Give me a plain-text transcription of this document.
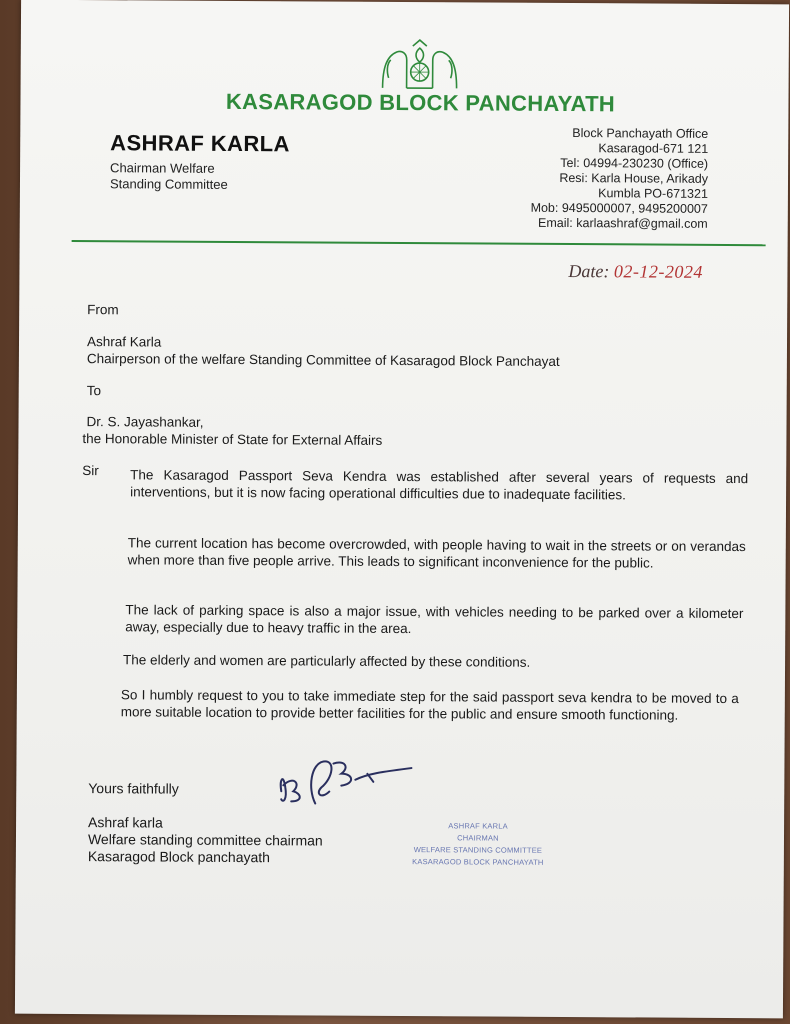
KASARAGOD BLOCK PANCHAYATH
ASHRAF KARLA
Chairman Welfare
Standing Committee
Block Panchayath Office
Kasaragod-671 121
Tel: 04994-230230 (Office)
Resi: Karla House, Arikady
Kumbla PO-671321
Mob: 9495000007, 9495200007
Email: karlaashraf@gmail.com
Date: 02-12-2024
From
Ashraf Karla
Chairperson of the welfare Standing Committee of Kasaragod Block Panchayat
To
Dr. S. Jayashankar,
the Honorable Minister of State for External Affairs
Sir The Kasaragod Passport Seva Kendra was established after several years of requests and interventions, but it is now facing operational difficulties due to inadequate facilities.
The current location has become overcrowded, with people having to wait in the streets or on verandas when more than five people arrive. This leads to significant inconvenience for the public.
The lack of parking space is also a major issue, with vehicles needing to be parked over a kilometer away, especially due to heavy traffic in the area.
The elderly and women are particularly affected by these conditions.
So I humbly request to you to take immediate step for the said passport seva kendra to be moved to a more suitable location to provide better facilities for the public and ensure smooth functioning.
Yours faithfully
Ashraf karla
Welfare standing committee chairman
Kasaragod Block panchayath
ASHRAF KARLA
CHAIRMAN
WELFARE STANDING COMMITTEE
KASARAGOD BLOCK PANCHAYATH
